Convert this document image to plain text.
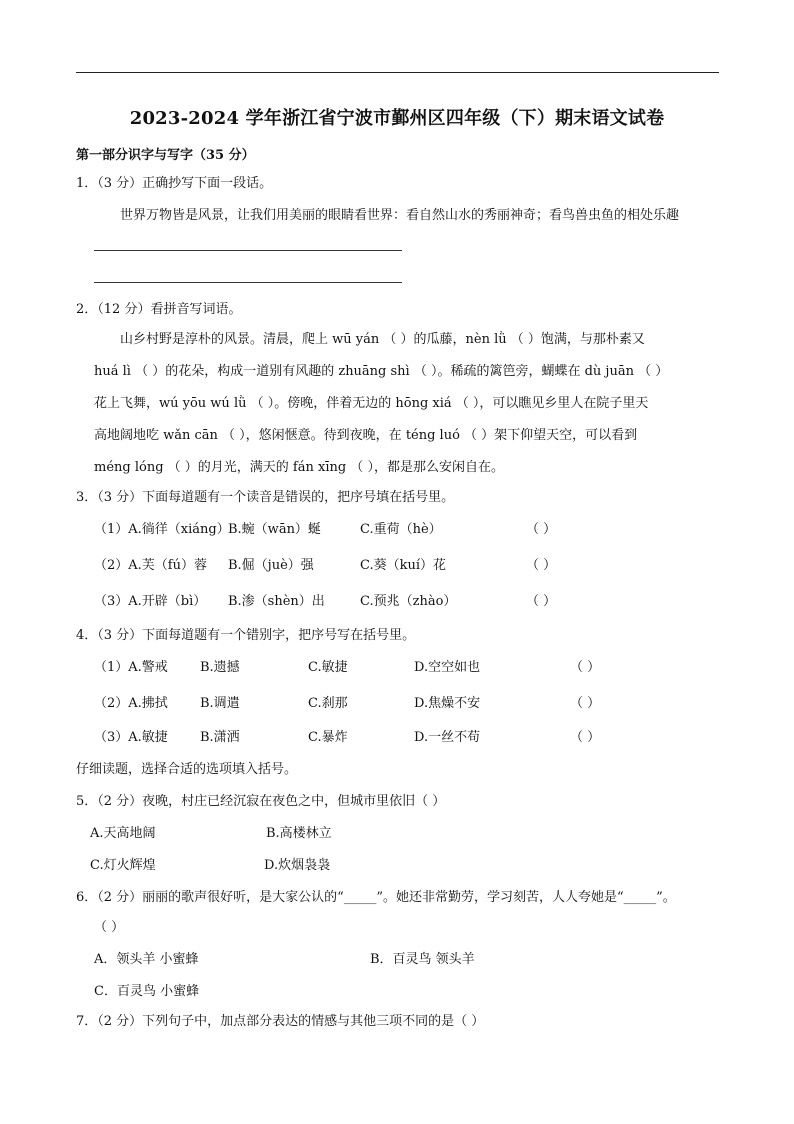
2023-2024 学年浙江省宁波市鄞州区四年级（下）期末语文试卷
第一部分识字与写字（35 分）
1．（3 分）正确抄写下面一段话。
世界万物皆是风景，让我们用美丽的眼睛看世界：看自然山水的秀丽神奇；看鸟兽虫鱼的相处乐趣
2．（12 分）看拼音写词语。
山乡村野是淳朴的风景。清晨，爬上 wū yán （ ）的瓜藤，nèn lǜ （ ）饱满，与那朴素又
huá lì （ ）的花朵，构成一道别有风趣的 zhuāng shì （ ）。稀疏的篱笆旁，蝴蝶在 dù juān （ ）
花上飞舞，wú yōu wú lǜ （ ）。傍晚，伴着无边的 hōng xiá （ ），可以瞧见乡里人在院子里天
高地阔地吃 wǎn cān （ ），悠闲惬意。待到夜晚，在 téng luó （ ）架下仰望天空，可以看到
méng lóng （ ）的月光，满天的 fán xīng （ ），都是那么安闲自在。
3．（3 分）下面每道题有一个读音是错误的，把序号填在括号里。
（1）A.徜徉（xiáng）
B.蜿（wān）蜒	C.重荷（hè）	（ ）
（2）A.芙（fú）蓉 B.倔（juè）强	C.葵（kuí）花	（ ）
（3）A.开辟（bì） B.渗（shèn）出	C.预兆（zhào）	（ ）
4．（3 分）下面每道题有一个错别字，把序号写在括号里。
（1）A.警戒 B.遗撼	C.敏捷	D.空空如也	（ ）
（2）A.拂拭 B.调遣	C.刹那	D.焦燥不安	（ ）
（3）A.敏捷 B.潇洒	C.暴炸	D.一丝不苟	（ ）
仔细读题，选择合适的选项填入括号。
5．（2 分）夜晚，村庄已经沉寂在夜色之中，但城市里依旧（ ）
A.天高地阔	B.高楼林立
C.灯火辉煌	D.炊烟袅袅
6．（2 分）丽丽的歌声很好听，是大家公认的“_____”。她还非常勤劳，学习刻苦，人人夸她是“_____”。
（ ）
A．领头羊 小蜜蜂	B．百灵鸟 领头羊
C．百灵鸟 小蜜蜂
7．（2 分）下列句子中，加点部分表达的情感与其他三项不同的是（ ）
